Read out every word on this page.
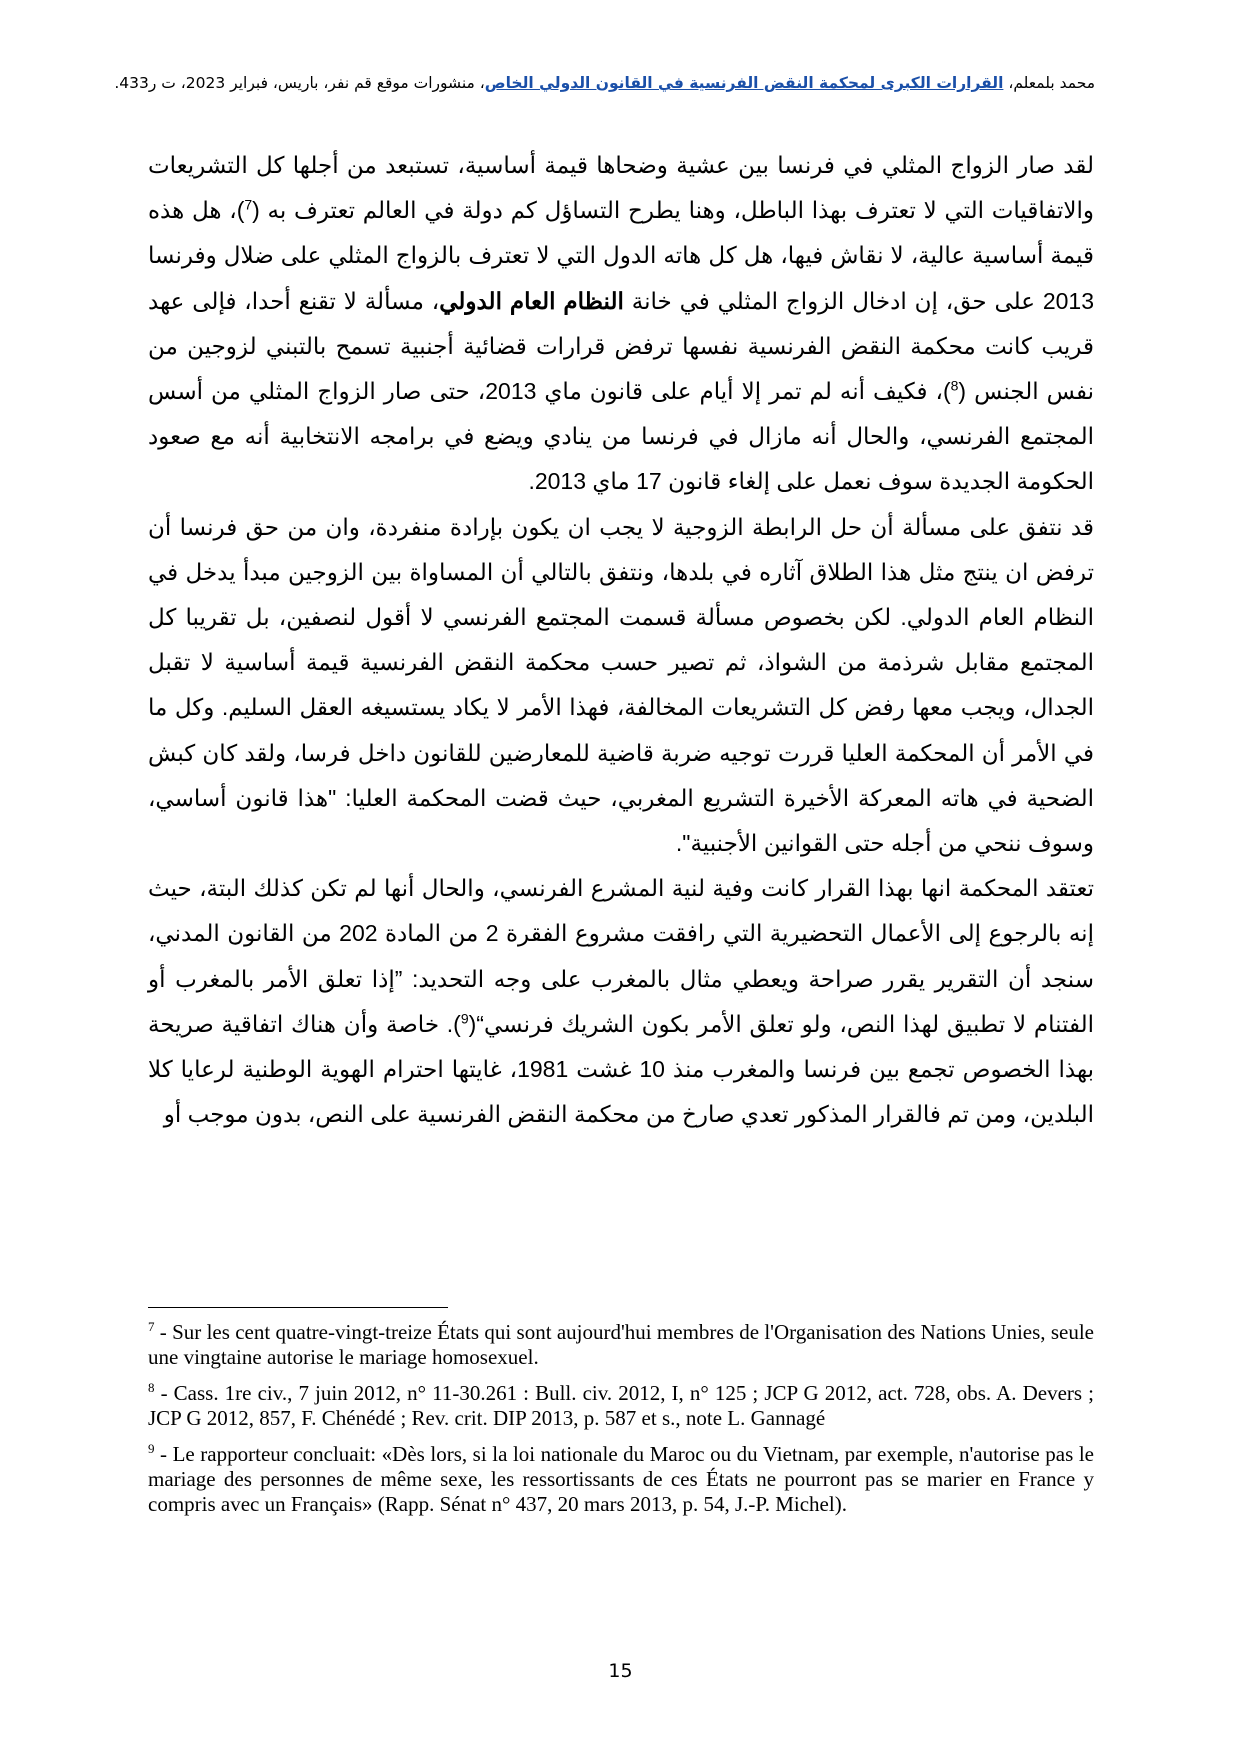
محمد بلمعلم، القرارات الكبرى لمحكمة النقض الفرنسية في القانون الدولي الخاص، منشورات موقع قم نفر، باريس، فبراير 2023، ت ر433.

لقد صار الزواج المثلي في فرنسا بين عشية وضحاها قيمة أساسية، تستبعد من أجلها كل التشريعات والاتفاقيات التي لا تعترف بهذا الباطل، وهنا يطرح التساؤل كم دولة في العالم تعترف به ($^7$)، هل هذه قيمة أساسية عالية، لا نقاش فيها، هل كل هاته الدول التي لا تعترف بالزواج المثلي على ضلال وفرنسا 2013 على حق، إن ادخال الزواج المثلي في خانة النظام العام الدولي، مسألة لا تقنع أحدا، فإلى عهد قريب كانت محكمة النقض الفرنسية نفسها ترفض قرارات قضائية أجنبية تسمح بالتبني لزوجين من نفس الجنس ($^8$)، فكيف أنه لم تمر إلا أيام على قانون ماي 2013، حتى صار الزواج المثلي من أسس المجتمع الفرنسي، والحال أنه مازال في فرنسا من ينادي ويضع في برامجه الانتخابية أنه مع صعود الحكومة الجديدة سوف نعمل على إلغاء قانون 17 ماي 2013.

قد نتفق على مسألة أن حل الرابطة الزوجية لا يجب ان يكون بإرادة منفردة، وان من حق فرنسا أن ترفض ان ينتج مثل هذا الطلاق آثاره في بلدها، ونتفق بالتالي أن المساواة بين الزوجين مبدأ يدخل في النظام العام الدولي. لكن بخصوص مسألة قسمت المجتمع الفرنسي لا أقول لنصفين، بل تقريبا كل المجتمع مقابل شرذمة من الشواذ، ثم تصير حسب محكمة النقض الفرنسية قيمة أساسية لا تقبل الجدال، ويجب معها رفض كل التشريعات المخالفة، فهذا الأمر لا يكاد يستسيغه العقل السليم. وكل ما في الأمر أن المحكمة العليا قررت توجيه ضربة قاضية للمعارضين للقانون داخل فرسا، ولقد كان كبش الضحية في هاته المعركة الأخيرة التشريع المغربي، حيث قضت المحكمة العليا: "هذا قانون أساسي، وسوف ننحي من أجله حتى القوانين الأجنبية".

تعتقد المحكمة انها بهذا القرار كانت وفية لنية المشرع الفرنسي، والحال أنها لم تكن كذلك البتة، حيث إنه بالرجوع إلى الأعمال التحضيرية التي رافقت مشروع الفقرة 2 من المادة 202 من القانون المدني، سنجد أن التقرير يقرر صراحة ويعطي مثال بالمغرب على وجه التحديد: ”إذا تعلق الأمر بالمغرب أو الفتنام لا تطبيق لهذا النص، ولو تعلق الأمر بكون الشريك فرنسي“($^9$). خاصة وأن هناك اتفاقية صريحة بهذا الخصوص تجمع بين فرنسا والمغرب منذ 10 غشت 1981، غايتها احترام الهوية الوطنية لرعايا كلا البلدين، ومن تم فالقرار المذكور تعدي صارخ من محكمة النقض الفرنسية على النص، بدون موجب أو

$^7$ - Sur les cent quatre-vingt-treize États qui sont aujourd'hui membres de l'Organisation des Nations Unies, seule une vingtaine autorise le mariage homosexuel.

$^8$ - Cass. 1re civ., 7 juin 2012, n° 11-30.261 : Bull. civ. 2012, I, n° 125 ; JCP G 2012, act. 728, obs. A. Devers ; JCP G 2012, 857, F. Chénédé ; Rev. crit. DIP 2013, p. 587 et s., note L. Gannagé

$^9$ - Le rapporteur concluait: «Dès lors, si la loi nationale du Maroc ou du Vietnam, par exemple, n'autorise pas le mariage des personnes de même sexe, les ressortissants de ces États ne pourront pas se marier en France y compris avec un Français» (Rapp. Sénat n° 437, 20 mars 2013, p. 54, J.-P. Michel).

15
